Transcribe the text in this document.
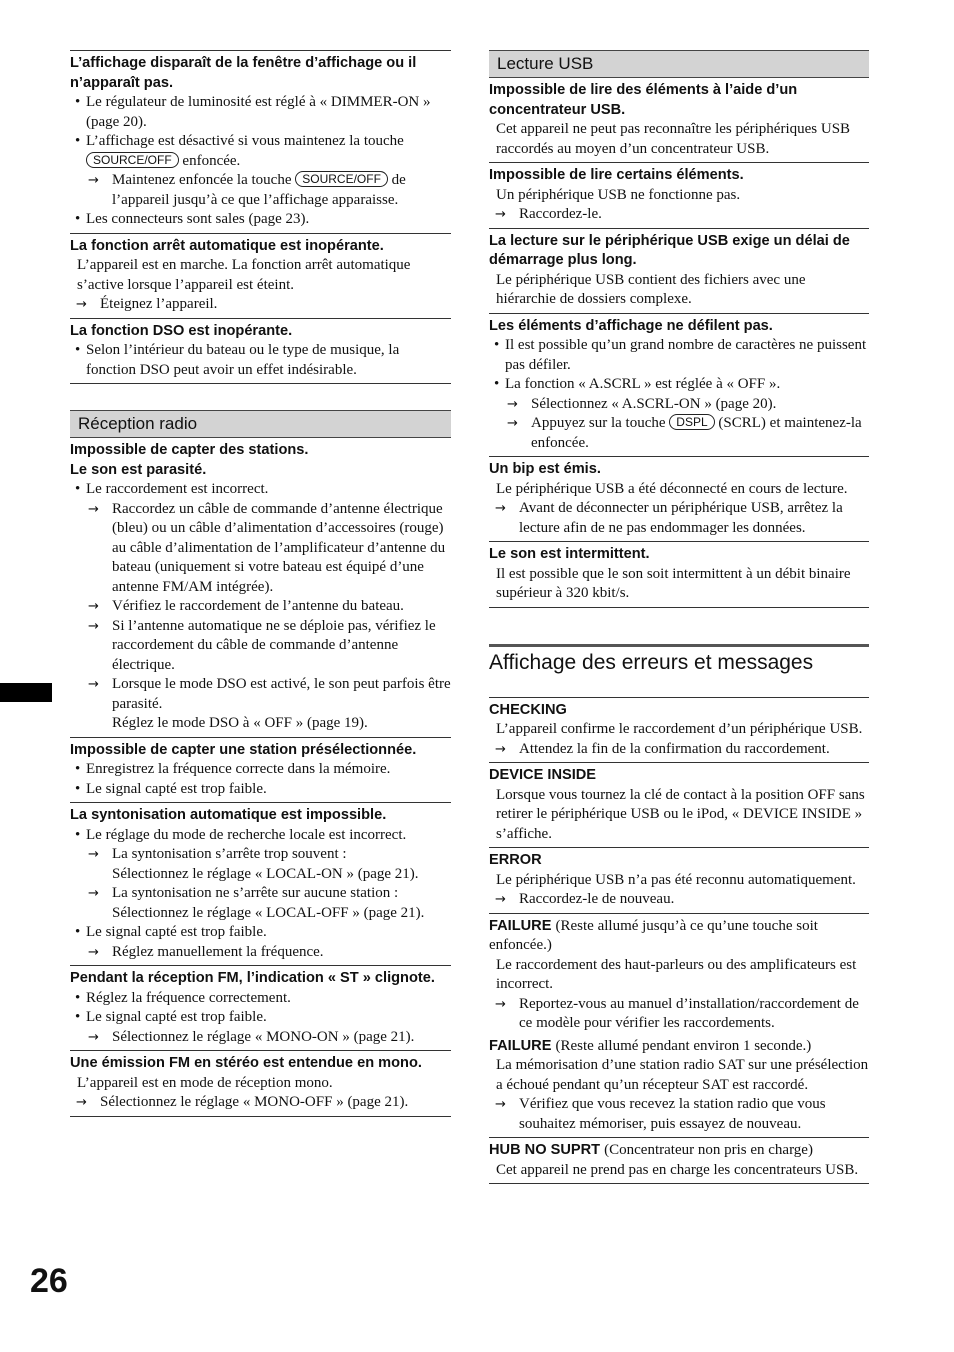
26
L’affichage disparaît de la fenêtre d’affichage ou il n’apparaît pas.
• Le régulateur de luminosité est réglé à « DIMMER-ON » (page 20).
• L’affichage est désactivé si vous maintenez la touche SOURCE/OFF enfoncée.
→ Maintenez enfoncée la touche SOURCE/OFF de l’appareil jusqu’à ce que l’affichage apparaisse.
• Les connecteurs sont sales (page 23).
La fonction arrêt automatique est inopérante.
L’appareil est en marche. La fonction arrêt automatique s’active lorsque l’appareil est éteint.
→ Éteignez l’appareil.
La fonction DSO est inopérante.
• Selon l’intérieur du bateau ou le type de musique, la fonction DSO peut avoir un effet indésirable.
Réception radio
Impossible de capter des stations.
Le son est parasité.
• Le raccordement est incorrect.
→ Raccordez un câble de commande d’antenne électrique (bleu) ou un câble d’alimentation d’accessoires (rouge) au câble d’alimentation de l’amplificateur d’antenne du bateau (uniquement si votre bateau est équipé d’une antenne FM/AM intégrée).
→ Vérifiez le raccordement de l’antenne du bateau.
→ Si l’antenne automatique ne se déploie pas, vérifiez le raccordement du câble de commande d’antenne électrique.
→ Lorsque le mode DSO est activé, le son peut parfois être parasité.
Réglez le mode DSO à « OFF » (page 19).
Impossible de capter une station présélectionnée.
• Enregistrez la fréquence correcte dans la mémoire.
• Le signal capté est trop faible.
La syntonisation automatique est impossible.
• Le réglage du mode de recherche locale est incorrect.
→ La syntonisation s’arrête trop souvent :
Sélectionnez le réglage « LOCAL-ON » (page 21).
→ La syntonisation ne s’arrête sur aucune station :
Sélectionnez le réglage « LOCAL-OFF » (page 21).
• Le signal capté est trop faible.
→ Réglez manuellement la fréquence.
Pendant la réception FM, l’indication « ST » clignote.
• Réglez la fréquence correctement.
• Le signal capté est trop faible.
→ Sélectionnez le réglage « MONO-ON » (page 21).
Une émission FM en stéréo est entendue en mono.
L’appareil est en mode de réception mono.
→ Sélectionnez le réglage « MONO-OFF » (page 21).
Lecture USB
Impossible de lire des éléments à l’aide d’un concentrateur USB.
Cet appareil ne peut pas reconnaître les périphériques USB raccordés au moyen d’un concentrateur USB.
Impossible de lire certains éléments.
Un périphérique USB ne fonctionne pas.
→ Raccordez-le.
La lecture sur le périphérique USB exige un délai de démarrage plus long.
Le périphérique USB contient des fichiers avec une hiérarchie de dossiers complexe.
Les éléments d’affichage ne défilent pas.
• Il est possible qu’un grand nombre de caractères ne puissent pas défiler.
• La fonction « A.SCRL » est réglée à « OFF ».
→ Sélectionnez « A.SCRL-ON » (page 20).
→ Appuyez sur la touche DSPL (SCRL) et maintenez-la enfoncée.
Un bip est émis.
Le périphérique USB a été déconnecté en cours de lecture.
→ Avant de déconnecter un périphérique USB, arrêtez la lecture afin de ne pas endommager les données.
Le son est intermittent.
Il est possible que le son soit intermittent à un débit binaire supérieur à 320 kbit/s.
Affichage des erreurs et messages
CHECKING
L’appareil confirme le raccordement d’un périphérique USB.
→ Attendez la fin de la confirmation du raccordement.
DEVICE INSIDE
Lorsque vous tournez la clé de contact à la position OFF sans retirer le périphérique USB ou le iPod, « DEVICE INSIDE » s’affiche.
ERROR
Le périphérique USB n’a pas été reconnu automatiquement.
→ Raccordez-le de nouveau.
FAILURE (Reste allumé jusqu’à ce qu’une touche soit enfoncée.)
Le raccordement des haut-parleurs ou des amplificateurs est incorrect.
→ Reportez-vous au manuel d’installation/raccordement de ce modèle pour vérifier les raccordements.
FAILURE (Reste allumé pendant environ 1 seconde.)
La mémorisation d’une station radio SAT sur une présélection a échoué pendant qu’un récepteur SAT est raccordé.
→ Vérifiez que vous recevez la station radio que vous souhaitez mémoriser, puis essayez de nouveau.
HUB NO SUPRT (Concentrateur non pris en charge)
Cet appareil ne prend pas en charge les concentrateurs USB.
